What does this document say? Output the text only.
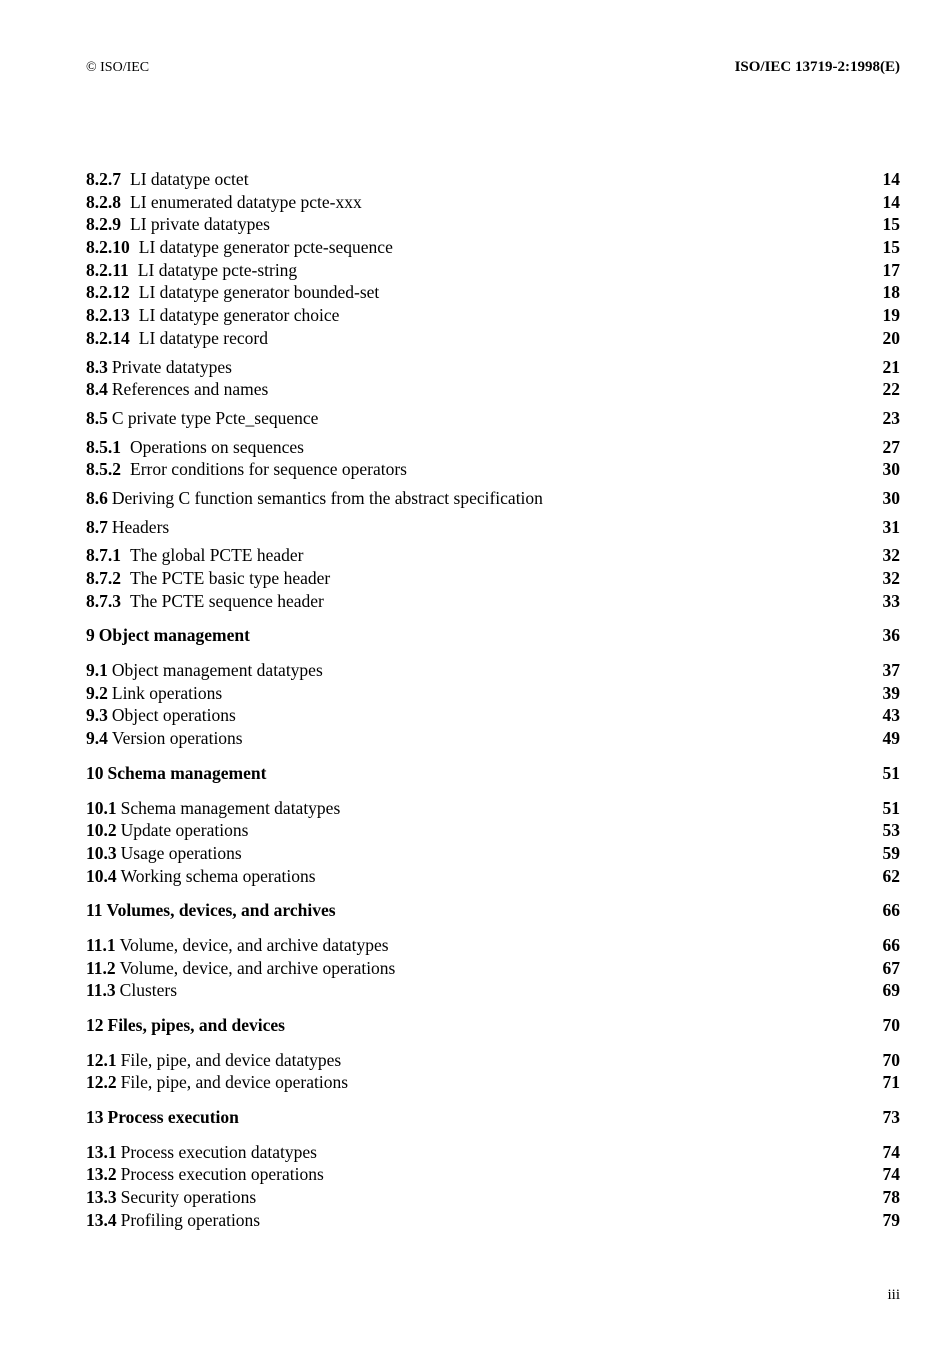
© ISO/IEC	ISO/IEC 13719-2:1998(E)
8.2.7 LI datatype octet	14
8.2.8 LI enumerated datatype pcte-xxx	14
8.2.9 LI private datatypes	15
8.2.10 LI datatype generator pcte-sequence	15
8.2.11 LI datatype pcte-string	17
8.2.12 LI datatype generator bounded-set	18
8.2.13 LI datatype generator choice	19
8.2.14 LI datatype record	20
8.3 Private datatypes	21
8.4 References and names	22
8.5 C private type Pcte_sequence	23
8.5.1 Operations on sequences	27
8.5.2 Error conditions for sequence operators	30
8.6 Deriving C function semantics from the abstract specification	30
8.7 Headers	31
8.7.1 The global PCTE header	32
8.7.2 The PCTE basic type header	32
8.7.3 The PCTE sequence header	33
9 Object management	36
9.1 Object management datatypes	37
9.2 Link operations	39
9.3 Object operations	43
9.4 Version operations	49
10 Schema management	51
10.1 Schema management datatypes	51
10.2 Update operations	53
10.3 Usage operations	59
10.4 Working schema operations	62
11 Volumes, devices, and archives	66
11.1 Volume, device, and archive datatypes	66
11.2 Volume, device, and archive operations	67
11.3 Clusters	69
12 Files, pipes, and devices	70
12.1 File, pipe, and device datatypes	70
12.2 File, pipe, and device operations	71
13 Process execution	73
13.1 Process execution datatypes	74
13.2 Process execution operations	74
13.3 Security operations	78
13.4 Profiling operations	79
iii
